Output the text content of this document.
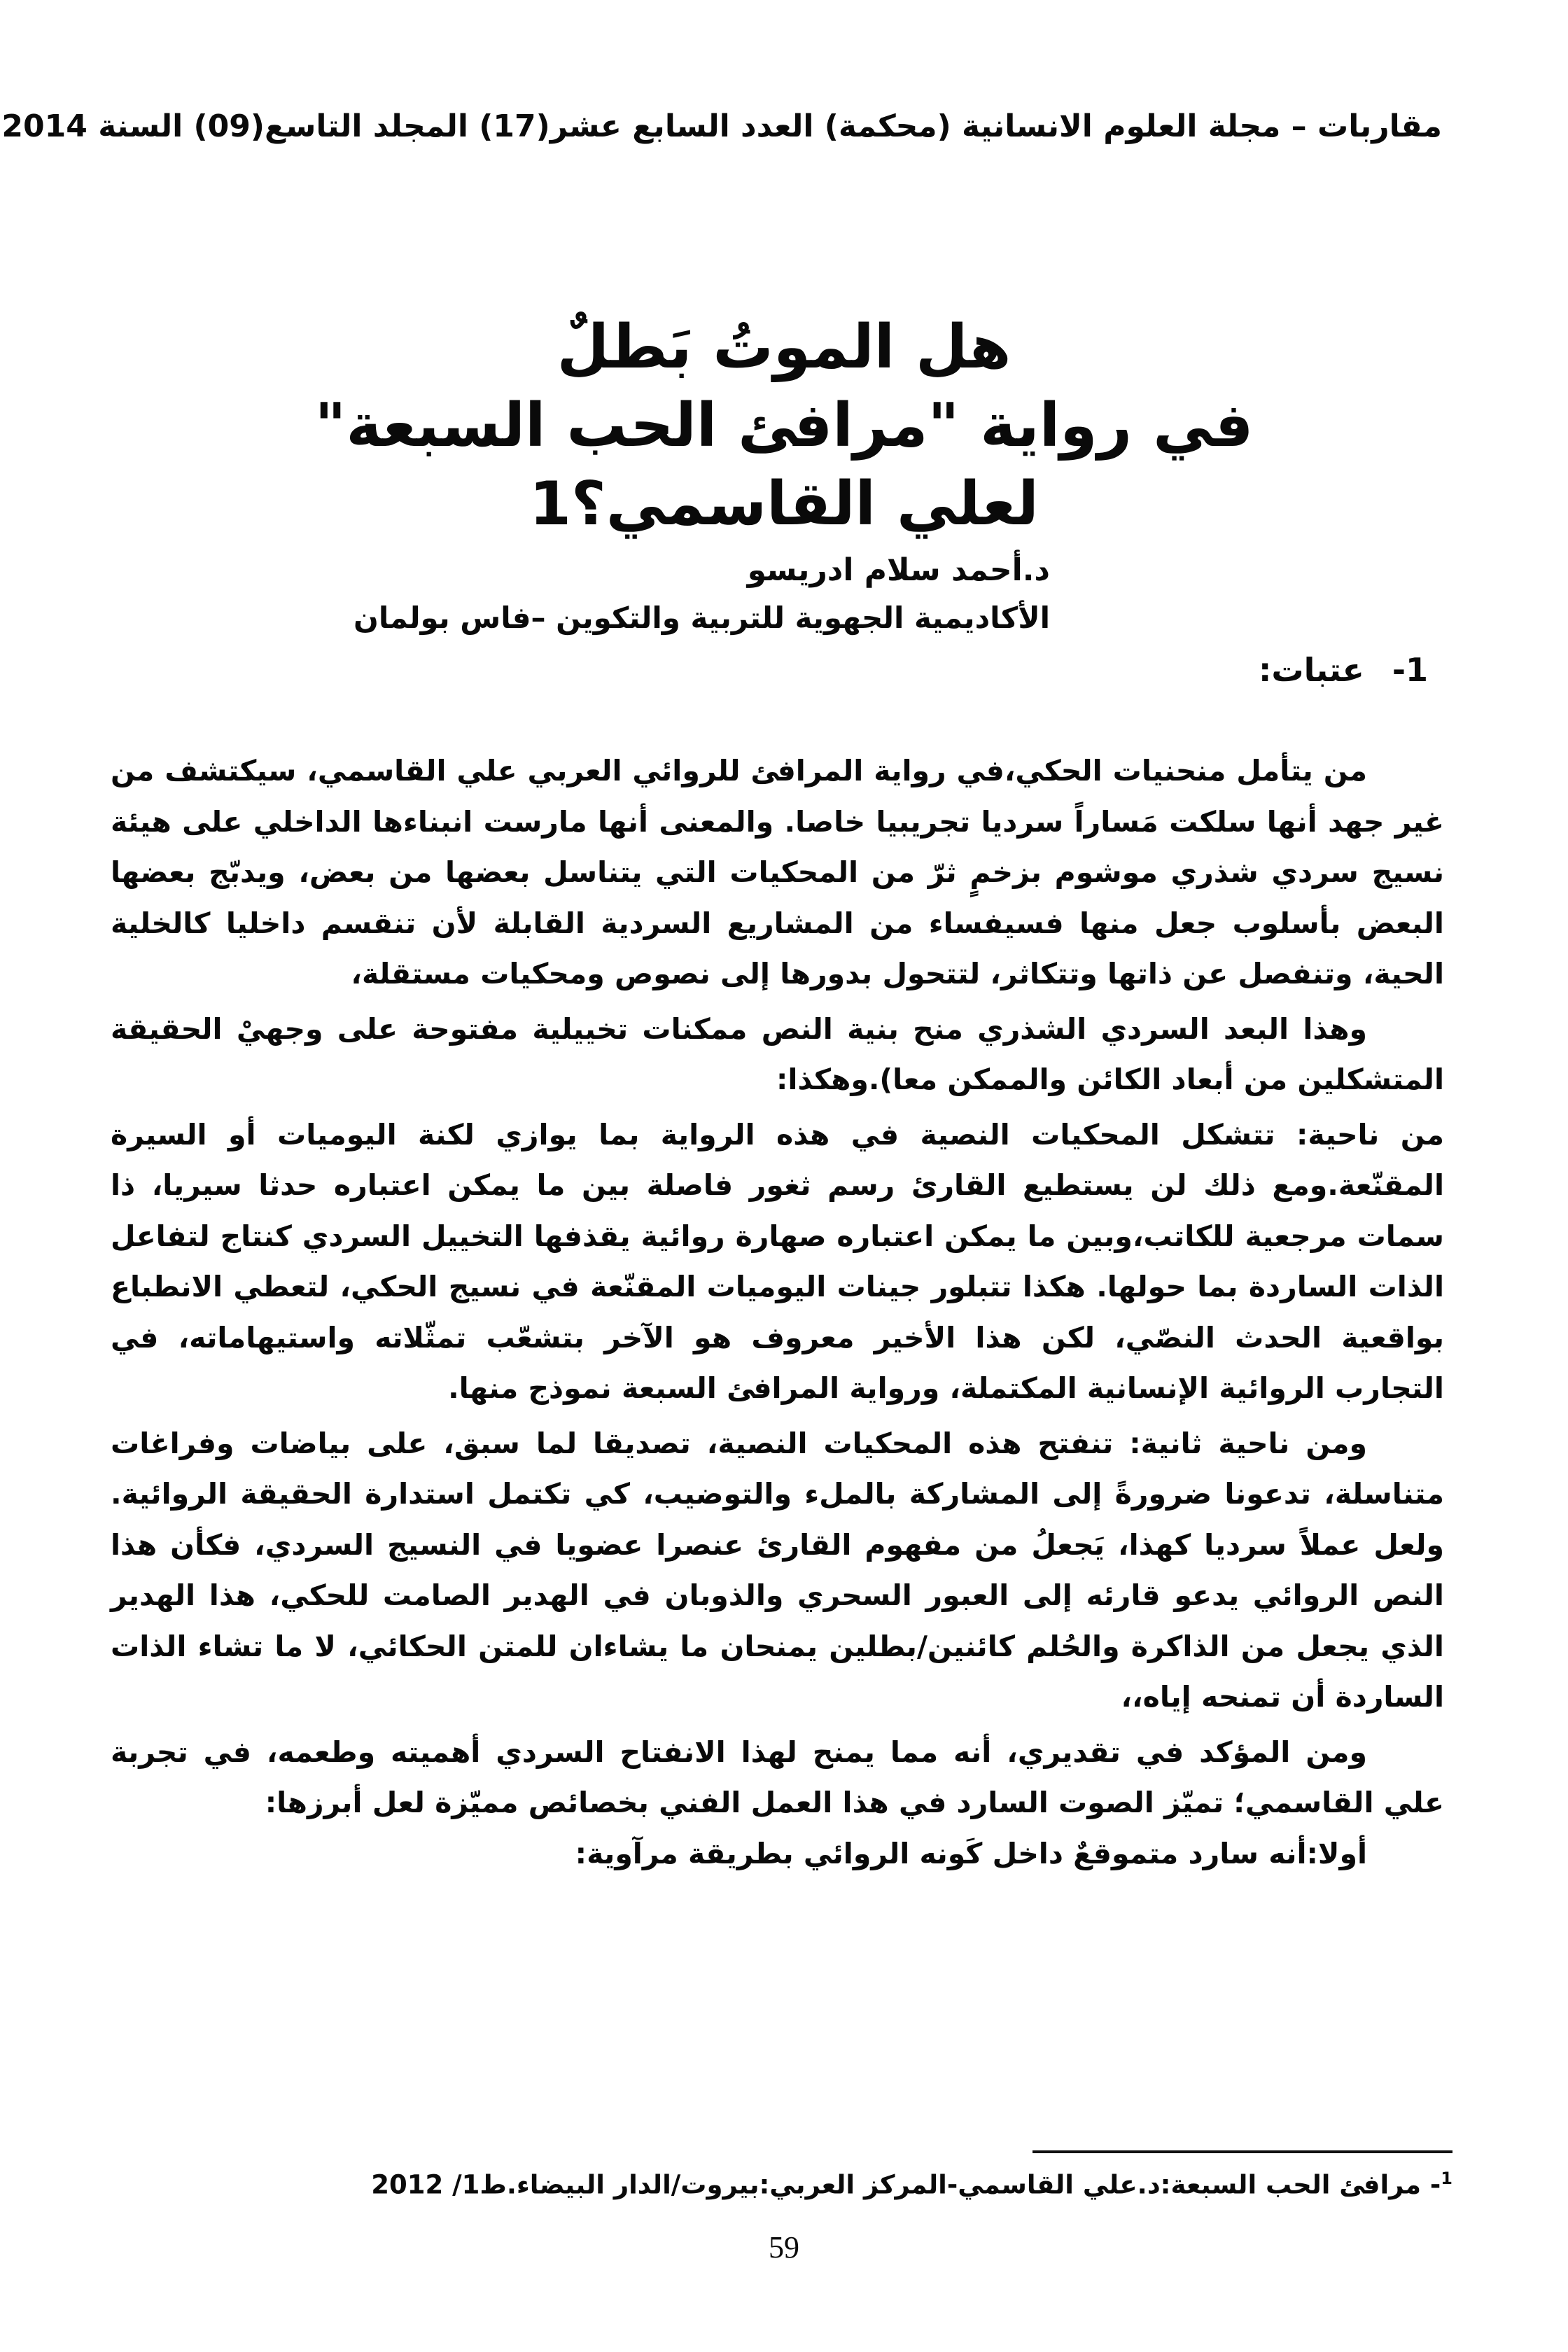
مقاربات – مجلة العلوم الانسانية (محكمة) العدد السابع عشر(17) المجلد التاسع(09) السنة 2014

هل الموتُ بَطلٌ

في رواية "مرافئ الحب السبعة"

لعلي القاسمي؟1

د.أحمد سلام ادريسو
الأكاديمية الجهوية للتربية والتكوين –فاس بولمان
1-عتبات:

من يتأمل منحنيات الحكي،في رواية المرافئ للروائي العربي علي القاسمي، سيكتشف من غير جهد أنها سلكت مَساراً سرديا تجريبيا خاصا. والمعنى أنها مارست انبناءها الداخلي على هيئة نسيج سردي شذري موشوم بزخمٍ ثرّ من المحكيات التي يتناسل بعضها من بعض، ويدبّج بعضها البعض بأسلوب جعل منها فسيفساء من المشاريع السردية القابلة لأن تنقسم داخليا كالخلية الحية، وتنفصل عن ذاتها وتتكاثر، لتتحول بدورها إلى نصوص ومحكيات مستقلة،

وهذا البعد السردي الشذري منح بنية النص ممكنات تخييلية مفتوحة على وجهيْ الحقيقة المتشكلين من أبعاد الكائن والممكن معا).وهكذا:

من ناحية: تتشكل المحكيات النصية في هذه الرواية بما يوازي لكنة اليوميات أو السيرة المقنّعة.ومع ذلك لن يستطيع القارئ رسم ثغور فاصلة بين ما يمكن اعتباره حدثا سيريا، ذا سمات مرجعية للكاتب،وبين ما يمكن اعتباره صهارة روائية يقذفها التخييل السردي كنتاج لتفاعل الذات الساردة بما حولها. هكذا تتبلور جينات اليوميات المقنّعة في نسيج الحكي، لتعطي الانطباع بواقعية الحدث النصّي، لكن هذا الأخير معروف هو الآخر بتشعّب تمثّلاته واستيهاماته، في التجارب الروائية الإنسانية المكتملة، ورواية المرافئ السبعة نموذج منها.

ومن ناحية ثانية: تنفتح هذه المحكيات النصية، تصديقا لما سبق، على بياضات وفراغات متناسلة، تدعونا ضرورةً إلى المشاركة بالملء والتوضيب، كي تكتمل استدارة الحقيقة الروائية. ولعل عملاً سرديا كهذا، يَجعلُ من مفهوم القارئ عنصرا عضويا في النسيج السردي، فكأن هذا النص الروائي يدعو قارئه إلى العبور السحري والذوبان في الهدير الصامت للحكي، هذا الهدير الذي يجعل من الذاكرة والحُلم كائنين/بطلين يمنحان ما يشاءان للمتن الحكائي، لا ما تشاء الذات الساردة أن تمنحه إياه،،

ومن المؤكد في تقديري، أنه مما يمنح لهذا الانفتاح السردي أهميته وطعمه، في تجربة علي القاسمي؛ تميّز الصوت السارد في هذا العمل الفني بخصائص مميّزة لعل أبرزها:

أولا:أنه سارد متموقعٌ داخل كَونه الروائي بطريقة مرآوية:

$^1$- مرافئ الحب السبعة:د.علي القاسمي-المركز العربي:بيروت/الدار البيضاء.ط1/ 2012
59
